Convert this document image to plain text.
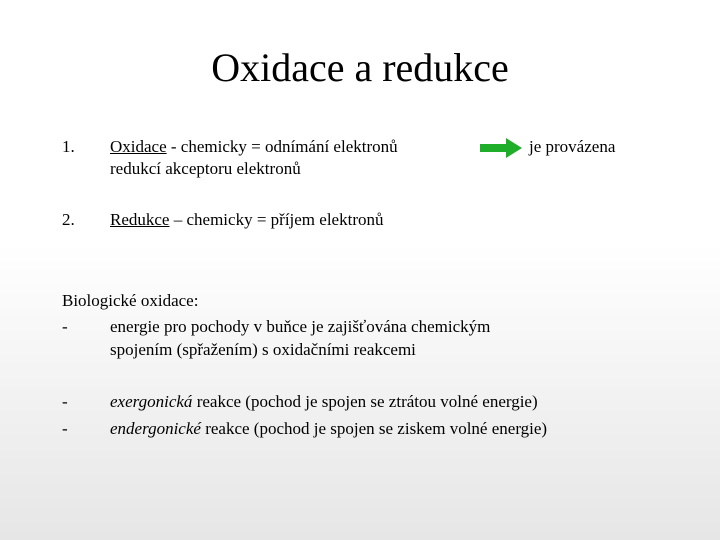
Oxidace a redukce
1. Oxidace - chemicky = odnímání elektronů	je provázena
redukcí akceptoru elektronů
2. Redukce – chemicky = příjem elektronů
Biologické oxidace:
- energie pro pochody v buňce je zajišťována chemickým
spojením (spřažením) s oxidačními reakcemi
- exergonická reakce (pochod je spojen se ztrátou volné energie)
- endergonické reakce (pochod je spojen se ziskem volné energie)
